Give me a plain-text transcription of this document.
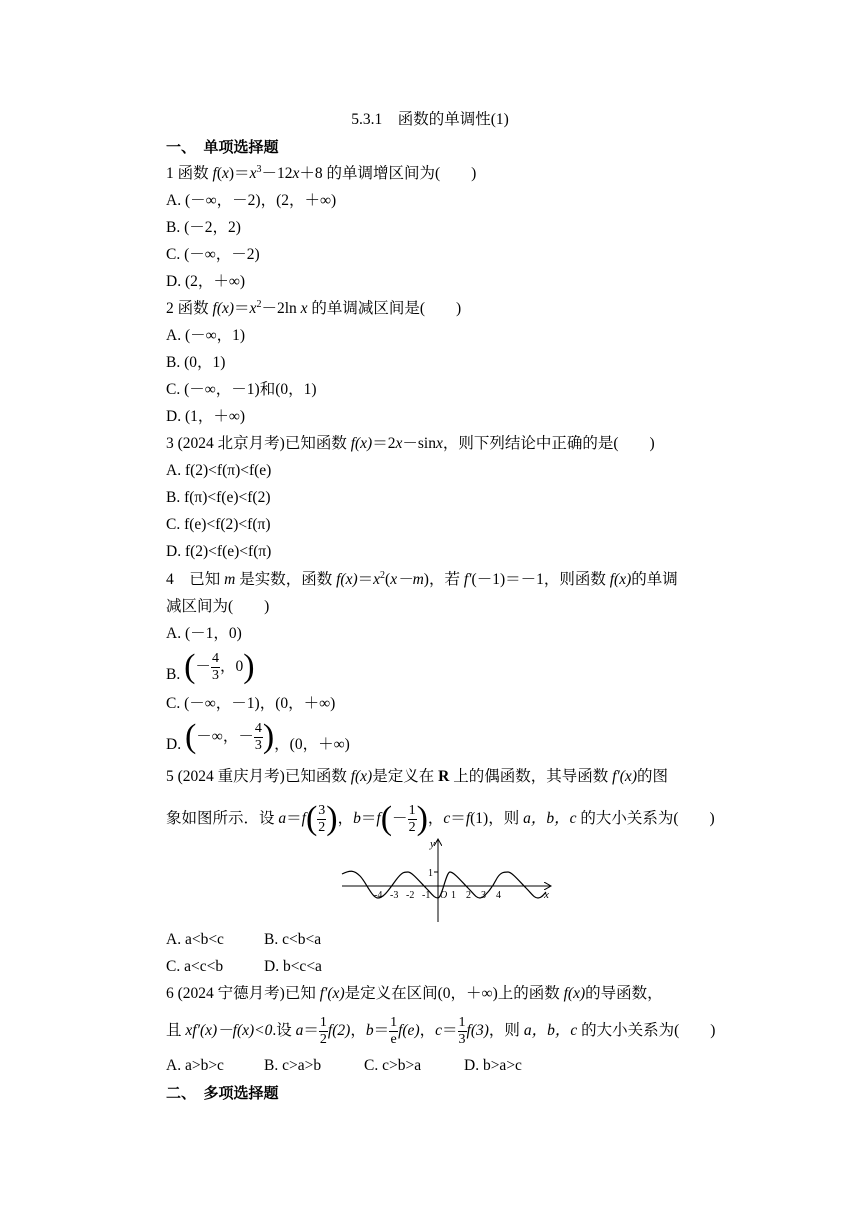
5.3.1　函数的单调性(1)
一、　单项选择题
1 函数 $f(x)=x^3-12x+8$ 的单调增区间为(　　)
A. (－∞，－2)，(2，＋∞)
B. (－2，2)
C. (－∞，－2)
D. (2，＋∞)
2 函数 $f(x)=x^2-2\ln$ x 的单调减区间是(　　)
A. (－∞，1)
B. (0，1)
C. (－∞，－1)和(0，1)
D. (1，＋∞)
3 (2024 北京月考)已知函数 f(x)＝2x－sinx，则下列结论中正确的是(　　)
A. f(2)<f(π)<f(e)
B. f(π)<f(e)<f(2)
C. f(e)<f(2)<f(π)
D. f(2)<f(e)<f(π)
4　已知 m 是实数，函数 $f(x)=x^2(x-m)$，若 f′(－1)＝－1，则函数 f(x)的单调
减区间为(　　)
A. (－1，0)
B. (－ $\frac{4}{3}$ ，0)
C. (－∞，－1)，(0，＋∞)
D. (－∞，－ $\frac{4}{3}$ )，(0，＋∞)
5 (2024 重庆月考)已知函数 f(x)是定义在 R 上的偶函数，其导函数 f′(x)的图
象如图所示．设 $a=f( \frac{3}{2}$ )，$b=f(- \frac{1}{2}$ )，c＝f(1)，则 a，b，c 的大小关系为(　　)
y
x
1
O
-4 -3 -2 -1 1 2 3 4
A. a<b<c	B. c<b<a
C. a<c<b	D. b<c<a
6 (2024 宁德月考)已知 f′(x)是定义在区间(0，＋∞)上的函数 f(x)的导函数，
且 xf′(x)－f(x)<0.设 $a= \frac{1}{2} f(2)$，$b= \frac{1}{e} f(e)$，$c= \frac{1}{3} f(3)$，则 a，b，c 的大小关系为(　　)
A. a>b>c	B. c>a>b	C. c>b>a	D. b>a>c
二、　多项选择题
